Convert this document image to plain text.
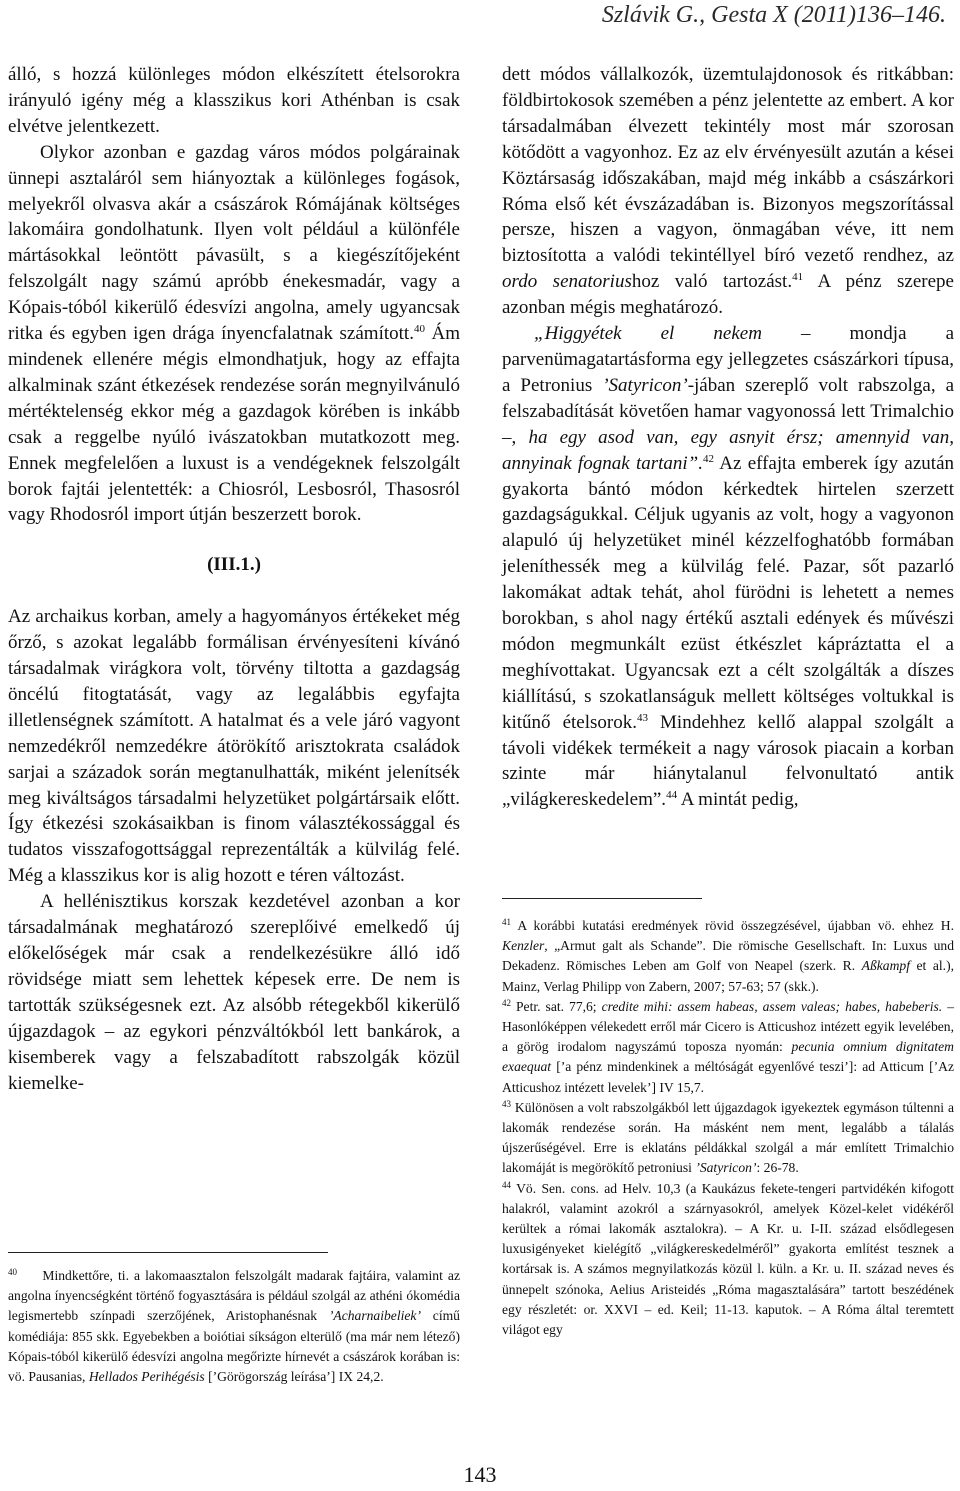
Szlávik G., Gesta X (2011)136–146.

álló, s hozzá különleges módon elkészített ételsorokra irányuló igény még a klasszikus kori Athénban is csak elvétve jelentkezett.

Olykor azonban e gazdag város módos polgárainak ünnepi asztaláról sem hiányoztak a különleges fogások, melyekről olvasva akár a császárok Rómájának költséges lakomáira gondolhatunk. Ilyen volt például a különféle mártásokkal leöntött pávasült, s a kiegészítőjeként felszolgált nagy számú apróbb énekesmadár, vagy a Kópais-tóból kikerülő édesvízi angolna, amely ugyancsak ritka és egyben igen drága ínyencfalatnak számított.$^{40}$ Ám mindenek ellenére mégis elmondhatjuk, hogy az effajta alkalminak szánt étkezések rendezése során megnyilvánuló mértéktelenség ekkor még a gazdagok körében is inkább csak a reggelbe nyúló ivászatokban mutatkozott meg. Ennek megfelelően a luxust is a vendégeknek felszolgált borok fajtái jelentették: a Chiosról, Lesbosról, Thasosról vagy Rhodosról import útján beszerzett borok.

(III.1.)

Az archaikus korban, amely a hagyományos értékeket még őrző, s azokat legalább formálisan érvényesíteni kívánó társadalmak virágkora volt, törvény tiltotta a gazdagság öncélú fitogtatását, vagy az legalábbis egyfajta illetlenségnek számított. A hatalmat és a vele járó vagyont nemzedékről nemzedékre átörökítő arisztokrata családok sarjai a századok során megtanulhatták, miként jelenítsék meg kiváltságos társadalmi helyzetüket polgártársaik előtt. Így étkezési szokásaikban is finom választékossággal és tudatos visszafogottsággal reprezentálták a külvilág felé. Még a klasszikus kor is alig hozott e téren változást.

A hellénisztikus korszak kezdetével azonban a kor társadalmának meghatározó szereplőivé emelkedő új előkelőségek már csak a rendelkezésükre álló idő rövidsége miatt sem lehettek képesek erre. De nem is tartották szükségesnek ezt. Az alsóbb rétegekből kikerülő újgazdagok – az egykori pénzváltókból lett bankárok, a kisemberek vagy a felszabadított rabszolgák közül kiemelke-

$^{40}$ Mindkettőre, ti. a lakomaasztalon felszolgált madarak fajtáira, valamint az angolna ínyencségként történő fogyasztására is például szolgál az athéni ókomédia legismertebb színpadi szerzőjének, Aristophanésnak ’Acharnaibeliek’ című komédiája: 855 skk. Egyebekben a boiótiai síkságon elterülő (ma már nem létező) Kópais-tóból kikerülő édesvízi angolna megőrizte hírnevét a császárok korában is: vö. Pausanias, Hellados Perihégésis [’Görögország leírása’] IX 24,2.

dett módos vállalkozók, üzemtulajdonosok és ritkábban: földbirtokosok szemében a pénz jelentette az embert. A kor társadalmában élvezett tekintély most már szorosan kötődött a vagyonhoz. Ez az elv érvényesült azután a kései Köztársaság időszakában, majd még inkább a császárkori Róma első két évszázadában is. Bizonyos megszorítással persze, hiszen a vagyon, önmagában véve, itt nem biztosította a valódi tekintéllyel bíró vezető rendhez, az ordo senatoriushoz való tartozást.$^{41}$ A pénz szerepe azonban mégis meghatározó.

„Higgyétek el nekem – mondja a parvenümagatartásforma egy jellegzetes császárkori típusa, a Petronius ’Satyricon’-jában szereplő volt rabszolga, a felszabadítását követően hamar vagyonossá lett Trimalchio –, ha egy asod van, egy asnyit érsz; amennyid van, annyinak fognak tartani”.$^{42}$ Az effajta emberek így azután gyakorta bántó módon kérkedtek hirtelen szerzett gazdagságukkal. Céljuk ugyanis az volt, hogy a vagyonon alapuló új helyzetüket minél kézzelfoghatóbb formában jeleníthessék meg a külvilág felé. Pazar, sőt pazarló lakomákat adtak tehát, ahol fürödni is lehetett a nemes borokban, s ahol nagy értékű asztali edények és művészi módon megmunkált ezüst étkészlet kápráztatta el a meghívottakat. Ugyancsak ezt a célt szolgálták a díszes kiállítású, s szokatlanságuk mellett költséges voltukkal is kitűnő ételsorok.$^{43}$ Mindehhez kellő alappal szolgált a távoli vidékek termékeit a nagy városok piacain a korban szinte már hiánytalanul felvonultató antik „világkereskedelem”.$^{44}$ A mintát pedig,

$^{41}$ A korábbi kutatási eredmények rövid összegzésével, újabban vö. ehhez H. Kenzler, „Armut galt als Schande”. Die römische Gesellschaft. In: Luxus und Dekadenz. Römisches Leben am Golf von Neapel (szerk. R. Aßkampf et al.), Mainz, Verlag Philipp von Zabern, 2007; 57-63; 57 (skk.).

$^{42}$ Petr. sat. 77,6; credite mihi: assem habeas, assem valeas; habes, habeberis. – Hasonlóképpen vélekedett erről már Cicero is Atticushoz intézett egyik levelében, a görög irodalom nagyszámú toposza nyomán: pecunia omnium dignitatem exaequat [’a pénz mindenkinek a méltóságát egyenlővé teszi’]: ad Atticum [’Az Atticushoz intézett levelek’] IV 15,7.

$^{43}$ Különösen a volt rabszolgákból lett újgazdagok igyekeztek egymáson túltenni a lakomák rendezése során. Ha másként nem ment, legalább a tálalás újszerűségével. Erre is eklatáns példákkal szolgál a már említett Trimalchio lakomáját is megörökítő petroniusi ’Satyricon’: 26-78.

$^{44}$ Vö. Sen. cons. ad Helv. 10,3 (a Kaukázus fekete-tengeri partvidékén kifogott halakról, valamint azokról a szárnyasokról, amelyek Közel-kelet vidékéről kerültek a római lakomák asztalokra). – A Kr. u. I-II. század elsődlegesen luxusigényeket kielégítő „világkereskedelméről” gyakorta említést tesznek a kortársak is. A számos megnyilatkozás közül l. küln. a Kr. u. II. század neves és ünnepelt szónoka, Aelius Aristeidés „Róma magasztalására” tartott beszédének egy részletét: or. XXVI – ed. Keil; 11-13. kaputok. – A Róma által teremtett világot egy

143
